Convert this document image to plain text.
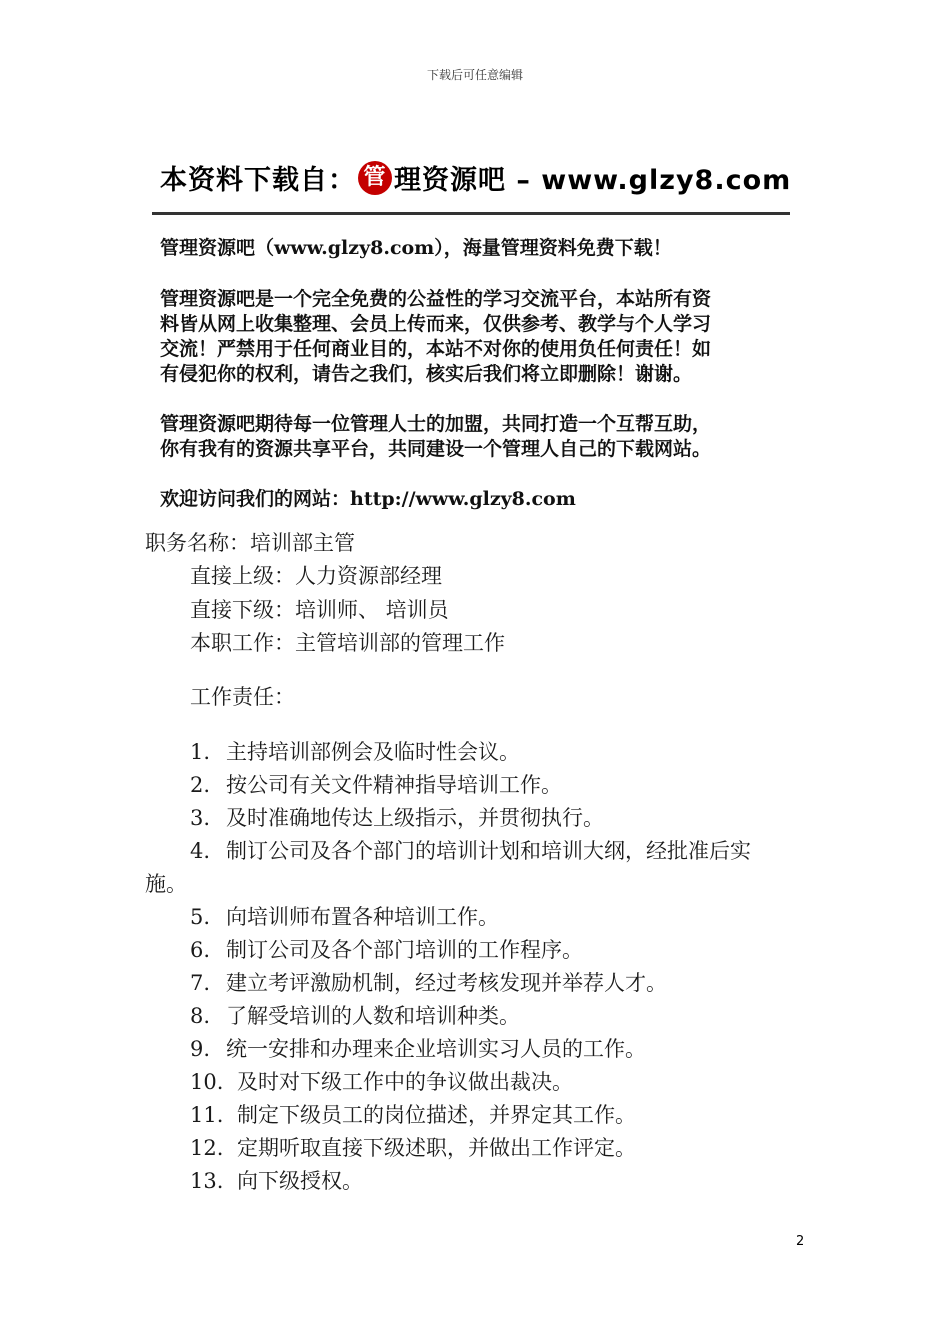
下载后可任意编辑
本资料下载自： 管 理资源吧 – www.glzy8.com
管理资源吧（www.glzy8.com），海量管理资料免费下载！
管理资源吧是一个完全免费的公益性的学习交流平台，本站所有资
料皆从网上收集整理、会员上传而来，仅供参考、教学与个人学习
交流！严禁用于任何商业目的，本站不对你的使用负任何责任！如
有侵犯你的权利，请告之我们，核实后我们将立即删除！谢谢。
管理资源吧期待每一位管理人士的加盟，共同打造一个互帮互助，
你有我有的资源共享平台，共同建设一个管理人自己的下载网站。
欢迎访问我们的网站：http://www.glzy8.com
职务名称：培训部主管
直接上级：人力资源部经理
直接下级：培训师、 培训员
本职工作：主管培训部的管理工作
工作责任：
1. 主持培训部例会及临时性会议。
2. 按公司有关文件精神指导培训工作。
3. 及时准确地传达上级指示，并贯彻执行。
4. 制订公司及各个部门的培训计划和培训大纲，经批准后实
施。
5. 向培训师布置各种培训工作。
6. 制订公司及各个部门培训的工作程序。
7. 建立考评激励机制，经过考核发现并举荐人才。
8. 了解受培训的人数和培训种类。
9. 统一安排和办理来企业培训实习人员的工作。
10. 及时对下级工作中的争议做出裁决。
11. 制定下级员工的岗位描述，并界定其工作。
12. 定期听取直接下级述职，并做出工作评定。
13. 向下级授权。
2
